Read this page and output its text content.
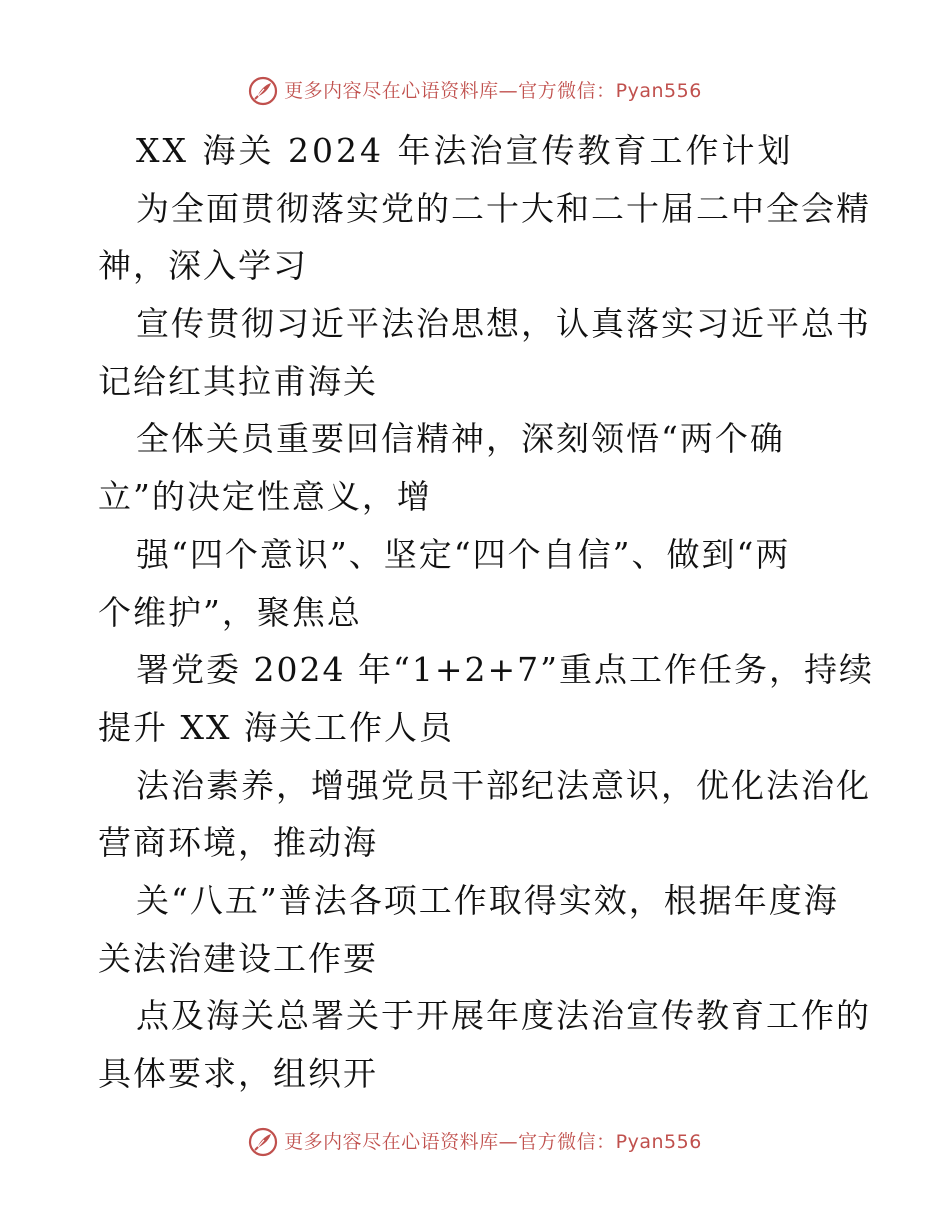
更多内容尽在心语资料库—官方微信：Pyan556
XX 海关 2024 年法治宣传教育工作计划
为全面贯彻落实党的二十大和二十届二中全会精
神，深入学习
宣传贯彻习近平法治思想，认真落实习近平总书
记给红其拉甫海关
全体关员重要回信精神，深刻领悟“两个确
立”的决定性意义，增
强“四个意识”、坚定“四个自信”、做到“两
个维护”，聚焦总
署党委 2024 年“1+2+7”重点工作任务，持续
提升 XX 海关工作人员
法治素养，增强党员干部纪法意识，优化法治化
营商环境，推动海
关“八五”普法各项工作取得实效，根据年度海
关法治建设工作要
点及海关总署关于开展年度法治宣传教育工作的
具体要求，组织开
更多内容尽在心语资料库—官方微信：Pyan556
